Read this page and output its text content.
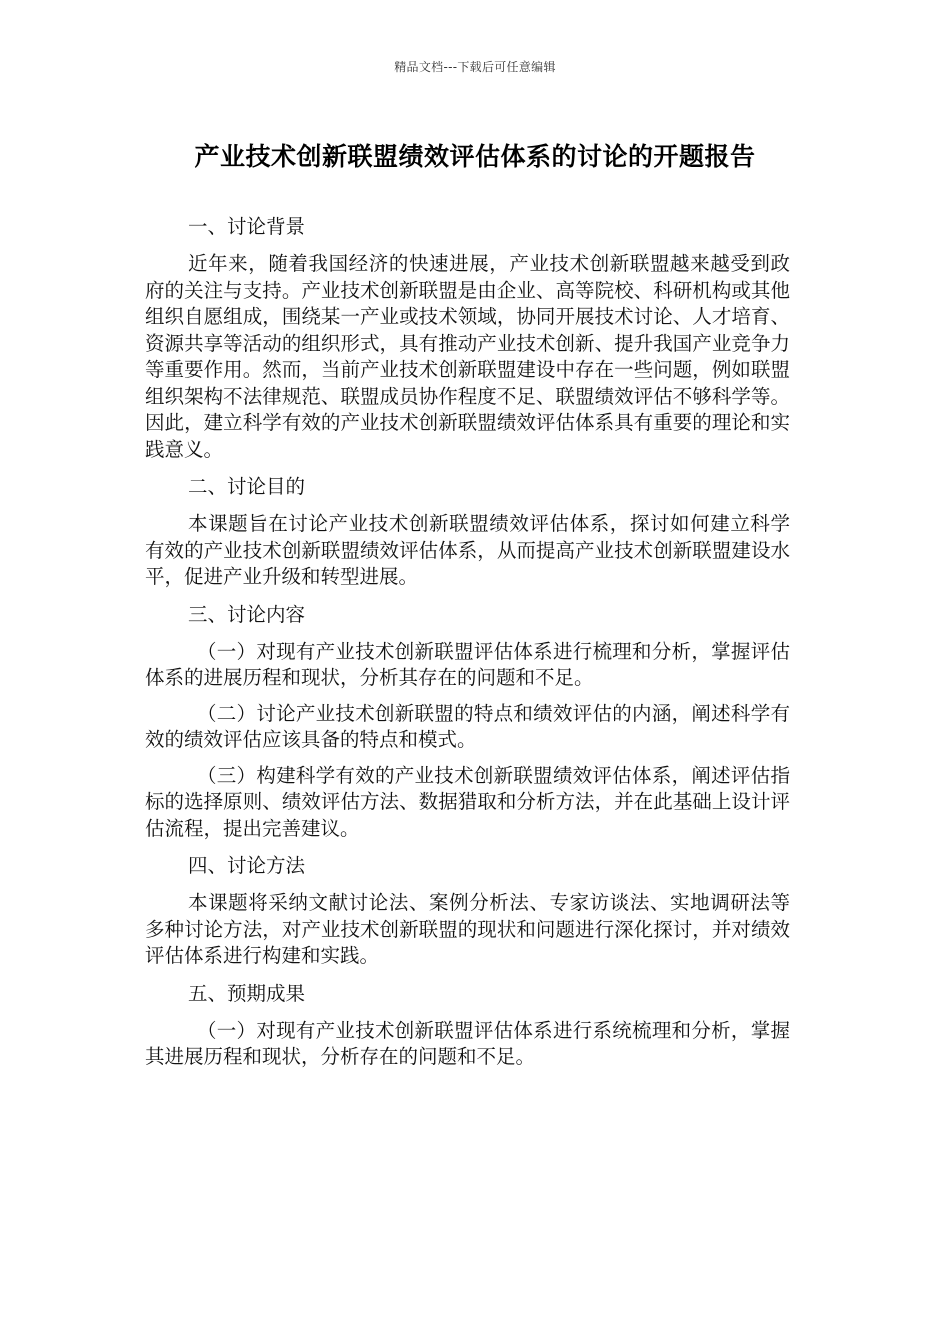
精品文档---下载后可任意编辑
产业技术创新联盟绩效评估体系的讨论的开题报告
一、讨论背景
近年来，随着我国经济的快速进展，产业技术创新联盟越来越受到政府的关注与支持。产业技术创新联盟是由企业、高等院校、科研机构或其他组织自愿组成，围绕某一产业或技术领域，协同开展技术讨论、人才培育、资源共享等活动的组织形式，具有推动产业技术创新、提升我国产业竞争力等重要作用。然而，当前产业技术创新联盟建设中存在一些问题，例如联盟组织架构不法律规范、联盟成员协作程度不足、联盟绩效评估不够科学等。因此，建立科学有效的产业技术创新联盟绩效评估体系具有重要的理论和实践意义。
二、讨论目的
本课题旨在讨论产业技术创新联盟绩效评估体系，探讨如何建立科学有效的产业技术创新联盟绩效评估体系，从而提高产业技术创新联盟建设水平，促进产业升级和转型进展。
三、讨论内容
（一）对现有产业技术创新联盟评估体系进行梳理和分析，掌握评估体系的进展历程和现状，分析其存在的问题和不足。
（二）讨论产业技术创新联盟的特点和绩效评估的内涵，阐述科学有效的绩效评估应该具备的特点和模式。
（三）构建科学有效的产业技术创新联盟绩效评估体系，阐述评估指标的选择原则、绩效评估方法、数据猎取和分析方法，并在此基础上设计评估流程，提出完善建议。
四、讨论方法
本课题将采纳文献讨论法、案例分析法、专家访谈法、实地调研法等多种讨论方法，对产业技术创新联盟的现状和问题进行深化探讨，并对绩效评估体系进行构建和实践。
五、预期成果
（一）对现有产业技术创新联盟评估体系进行系统梳理和分析，掌握其进展历程和现状，分析存在的问题和不足。
